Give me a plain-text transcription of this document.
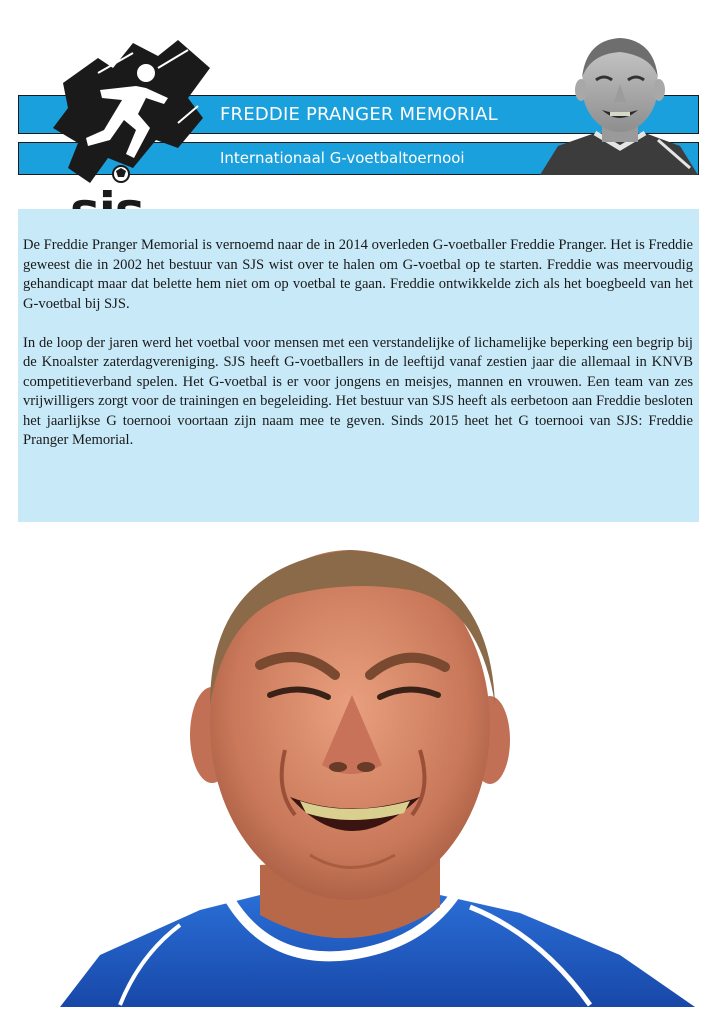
FREDDIE PRANGER MEMORIAL
Internationaal G-voetbaltoernooi

De Freddie Pranger Memorial is vernoemd naar de in 2014 overleden G-voetballer Freddie Pranger. Het is Freddie geweest die in 2002 het bestuur van SJS wist over te halen om G-voetbal op te starten. Freddie was meervoudig gehandicapt maar dat belette hem niet om op voetbal te gaan. Freddie ontwikkelde zich als het boegbeeld van het G-voetbal bij SJS.

In de loop der jaren werd het voetbal voor mensen met een verstandelijke of lichamelijke beperking een begrip bij de Knoalster zaterdagvereniging. SJS heeft G-voetballers in de leeftijd vanaf zestien jaar die allemaal in KNVB competitieverband spelen. Het G-voetbal is er voor jongens en meisjes, mannen en vrouwen. Een team van zes vrijwilligers zorgt voor de trainingen en begeleiding. Het bestuur van SJS heeft als eerbetoon aan Freddie besloten het jaarlijkse G toernooi voortaan zijn naam mee te geven. Sinds 2015 heet het G toernooi van SJS: Freddie Pranger Memorial.
